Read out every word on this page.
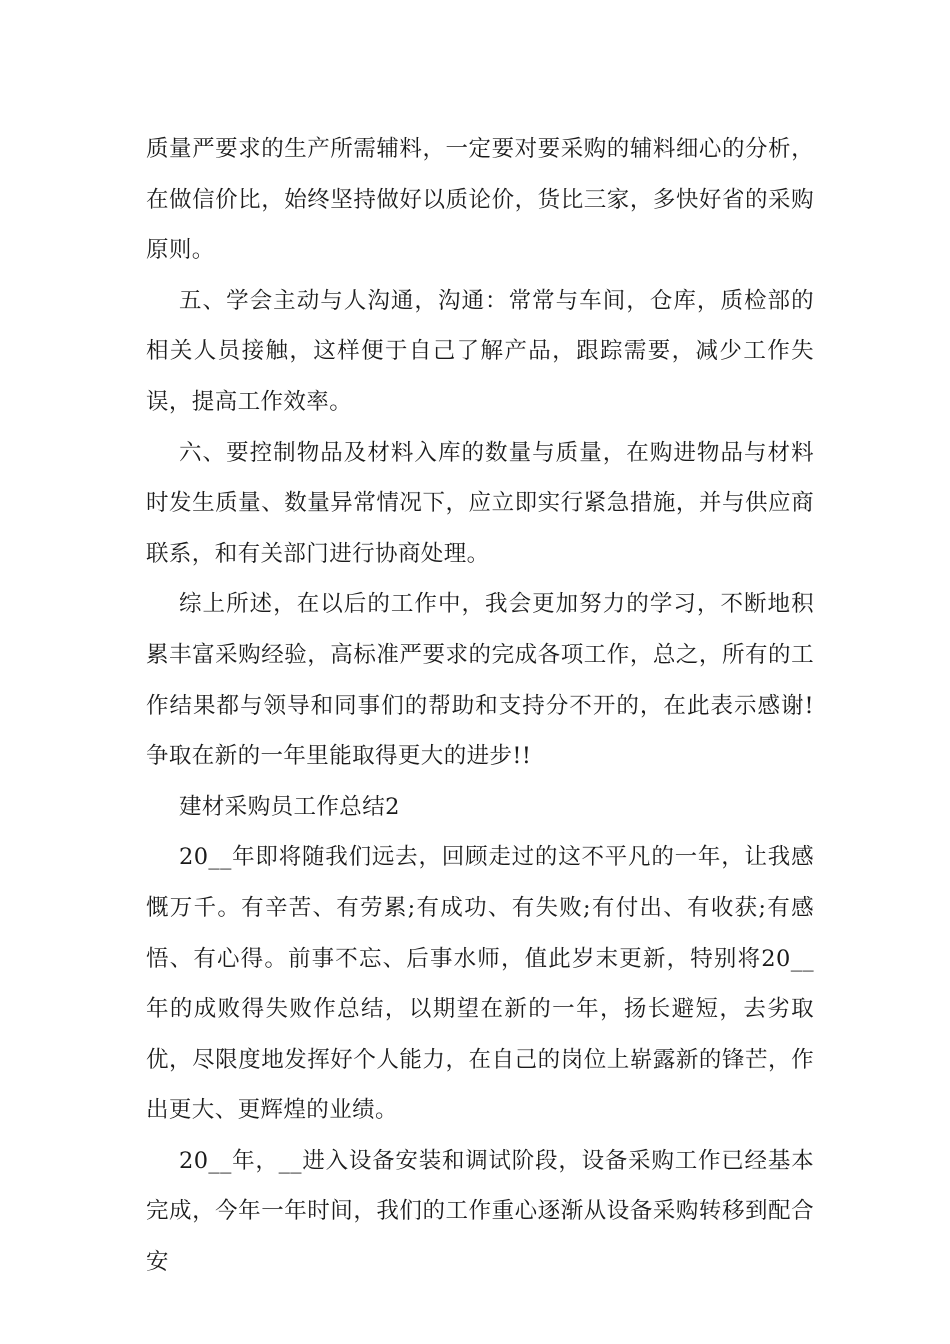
质量严要求的生产所需辅料，一定要对要采购的辅料细心的分析，在做信价比，始终坚持做好以质论价，货比三家，多快好省的采购原则。

五、学会主动与人沟通，沟通：常常与车间，仓库，质检部的相关人员接触，这样便于自己了解产品，跟踪需要，减少工作失误，提高工作效率。

六、要控制物品及材料入库的数量与质量，在购进物品与材料时发生质量、数量异常情况下，应立即实行紧急措施，并与供应商联系，和有关部门进行协商处理。

综上所述，在以后的工作中，我会更加努力的学习，不断地积累丰富采购经验，高标准严要求的完成各项工作，总之，所有的工作结果都与领导和同事们的帮助和支持分不开的，在此表示感谢!争取在新的一年里能取得更大的进步!!

建材采购员工作总结2

20__年即将随我们远去，回顾走过的这不平凡的一年，让我感慨万千。有辛苦、有劳累;有成功、有失败;有付出、有收获;有感悟、有心得。前事不忘、后事水师，值此岁末更新，特别将20__年的成败得失败作总结，以期望在新的一年，扬长避短，去劣取优，尽限度地发挥好个人能力，在自己的岗位上崭露新的锋芒，作出更大、更辉煌的业绩。

20__年，__进入设备安装和调试阶段，设备采购工作已经基本完成，今年一年时间，我们的工作重心逐渐从设备采购转移到配合安
